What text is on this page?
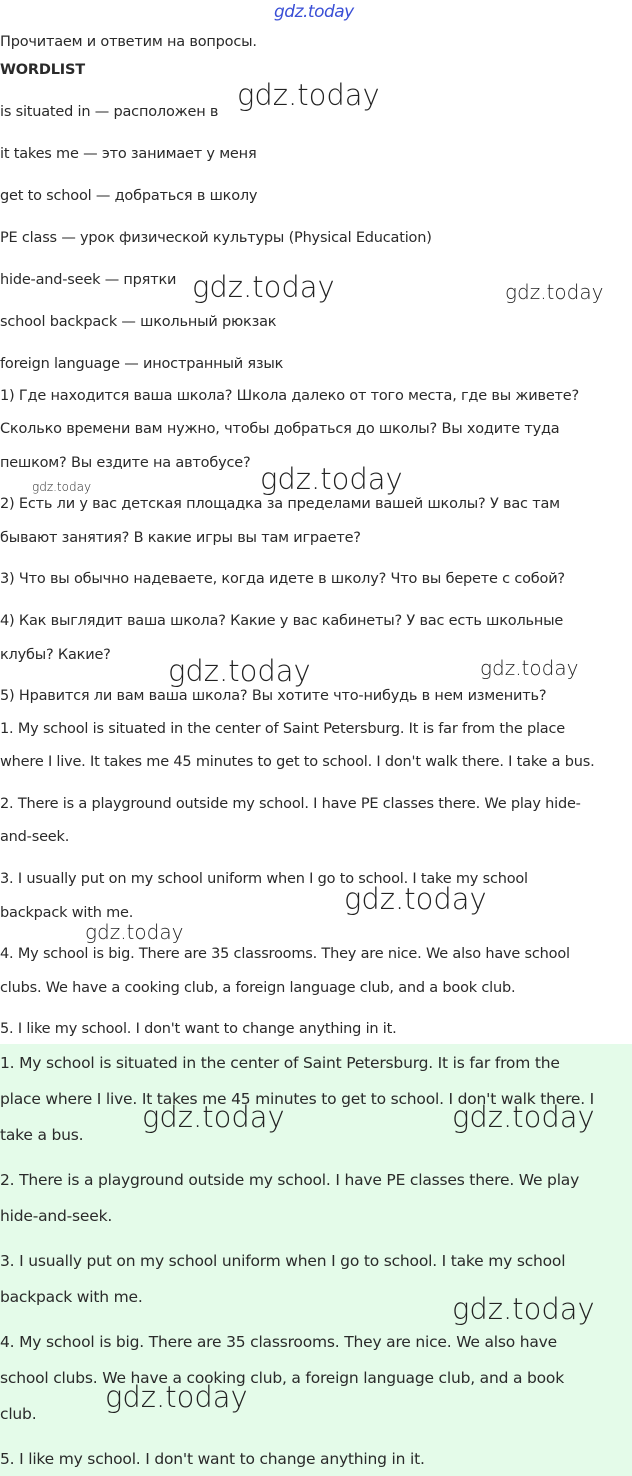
gdz.today
Прочитаем и ответим на вопросы.
WORDLIST
is situated in — расположен в
it takes me — это занимает у меня
get to school — добраться в школу
PE class — урок физической культуры (Physical Education)
hide-and-seek — прятки
school backpack — школьный рюкзак
foreign language — иностранный язык
1) Где находится ваша школа? Школа далеко от того места, где вы живете?
Сколько времени вам нужно, чтобы добраться до школы? Вы ходите туда
пешком? Вы ездите на автобусе?
2) Есть ли у вас детская площадка за пределами вашей школы? У вас там
бывают занятия? В какие игры вы там играете?
3) Что вы обычно надеваете, когда идете в школу? Что вы берете с собой?
4) Как выглядит ваша школа? Какие у вас кабинеты? У вас есть школьные
клубы? Какие?
5) Нравится ли вам ваша школа? Вы хотите что-нибудь в нем изменить?
1. My school is situated in the center of Saint Petersburg. It is far from the place
where I live. It takes me 45 minutes to get to school. I don't walk there. I take a bus.
2. There is a playground outside my school. I have PE classes there. We play hide-
and-seek.
3. I usually put on my school uniform when I go to school. I take my school
backpack with me.
4. My school is big. There are 35 classrooms. They are nice. We also have school
clubs. We have a cooking club, a foreign language club, and a book club.
5. I like my school. I don't want to change anything in it.
1. My school is situated in the center of Saint Petersburg. It is far from the
place where I live. It takes me 45 minutes to get to school. I don't walk there. I
take a bus.
2. There is a playground outside my school. I have PE classes there. We play
hide-and-seek.
3. I usually put on my school uniform when I go to school. I take my school
backpack with me.
4. My school is big. There are 35 classrooms. They are nice. We also have
school clubs. We have a cooking club, a foreign language club, and a book
club.
5. I like my school. I don't want to change anything in it.
gdz.today
gdz.today	gdz.today
gdz.today
gdz.today
gdz.today	gdz.today
gdz.today
gdz.today
gdz.today	gdz.today
gdz.today
gdz.today
